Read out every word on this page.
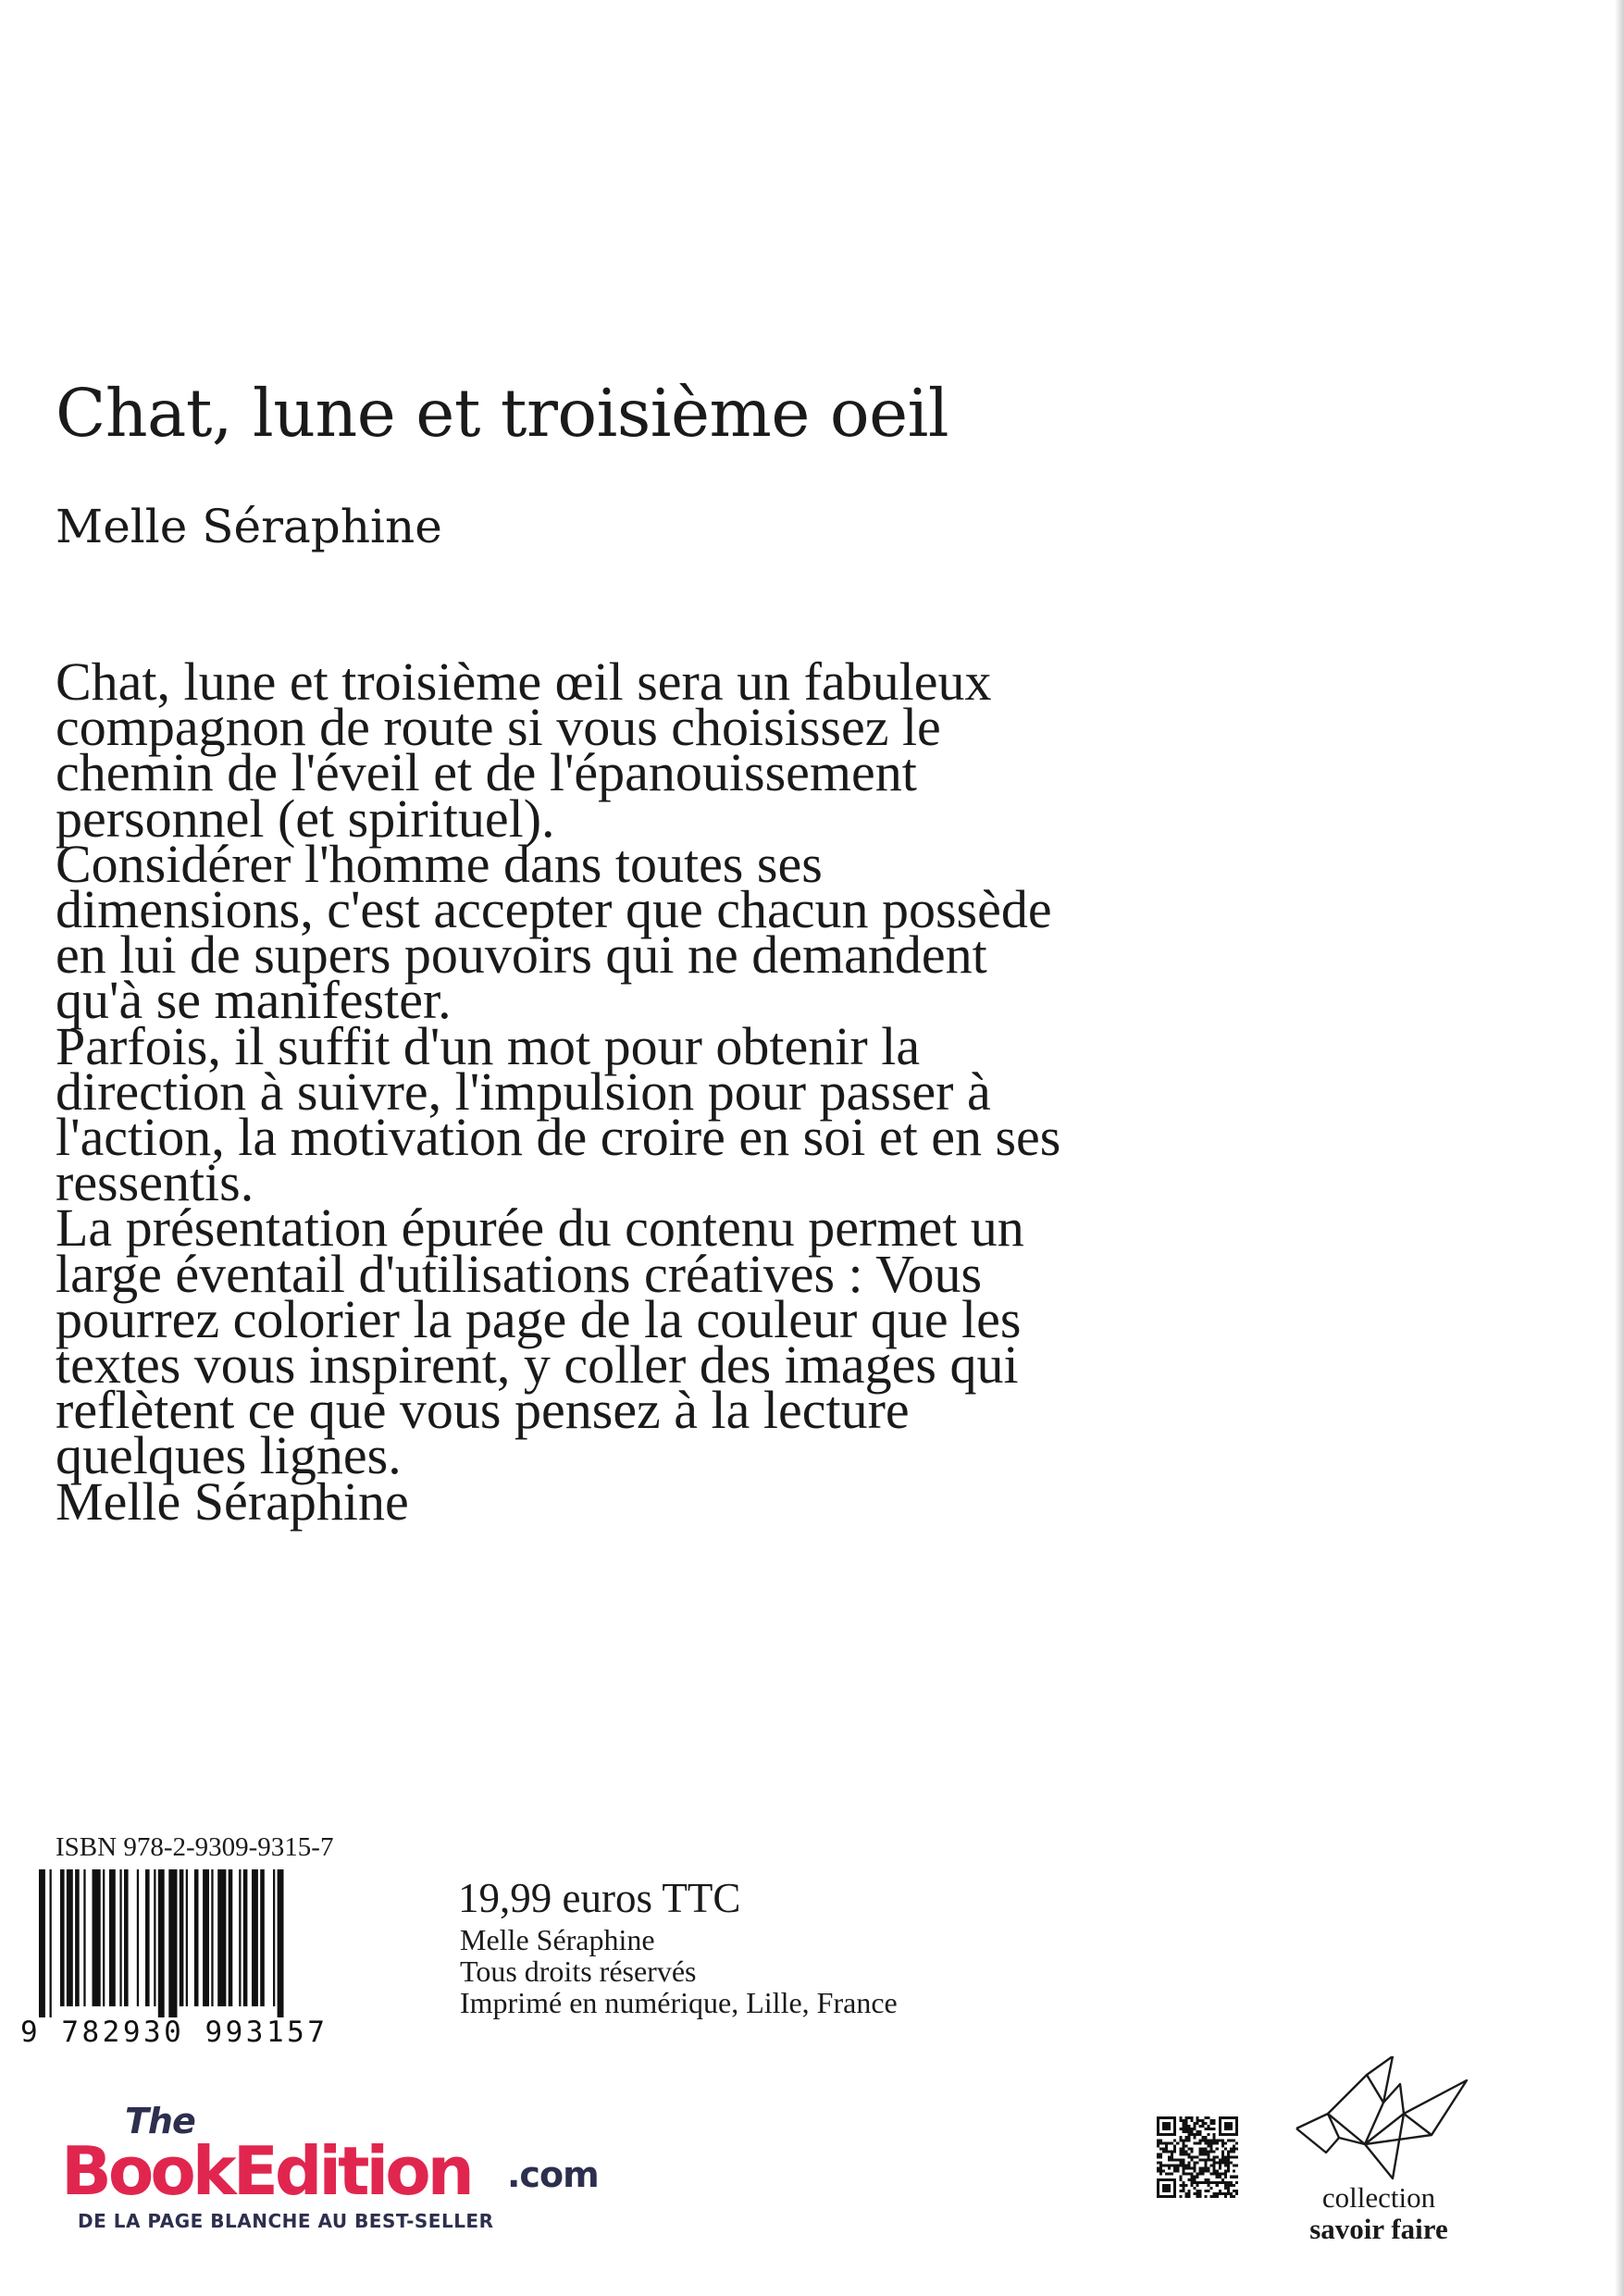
Chat, lune et troisième oeil
Melle Séraphine
Chat, lune et troisième œil sera un fabuleux
compagnon de route si vous choisissez le
chemin de l'éveil et de l'épanouissement
personnel (et spirituel).
Considérer l'homme dans toutes ses
dimensions, c'est accepter que chacun possède
en lui de supers pouvoirs qui ne demandent
qu'à se manifester.
Parfois, il suffit d'un mot pour obtenir la
direction à suivre, l'impulsion pour passer à
l'action, la motivation de croire en soi et en ses
ressentis.
La présentation épurée du contenu permet un
large éventail d'utilisations créatives : Vous
pourrez colorier la page de la couleur que les
textes vous inspirent, y coller des images qui
reflètent ce que vous pensez à la lecture
quelques lignes.
Melle Séraphine
ISBN 978-2-9309-9315-7
9 782930 993157
19,99 euros TTC
Melle Séraphine
Tous droits réservés
Imprimé en numérique, Lille, France
The
BookEdition .com
DE LA PAGE BLANCHE AU BEST-SELLER
collection
savoir faire
